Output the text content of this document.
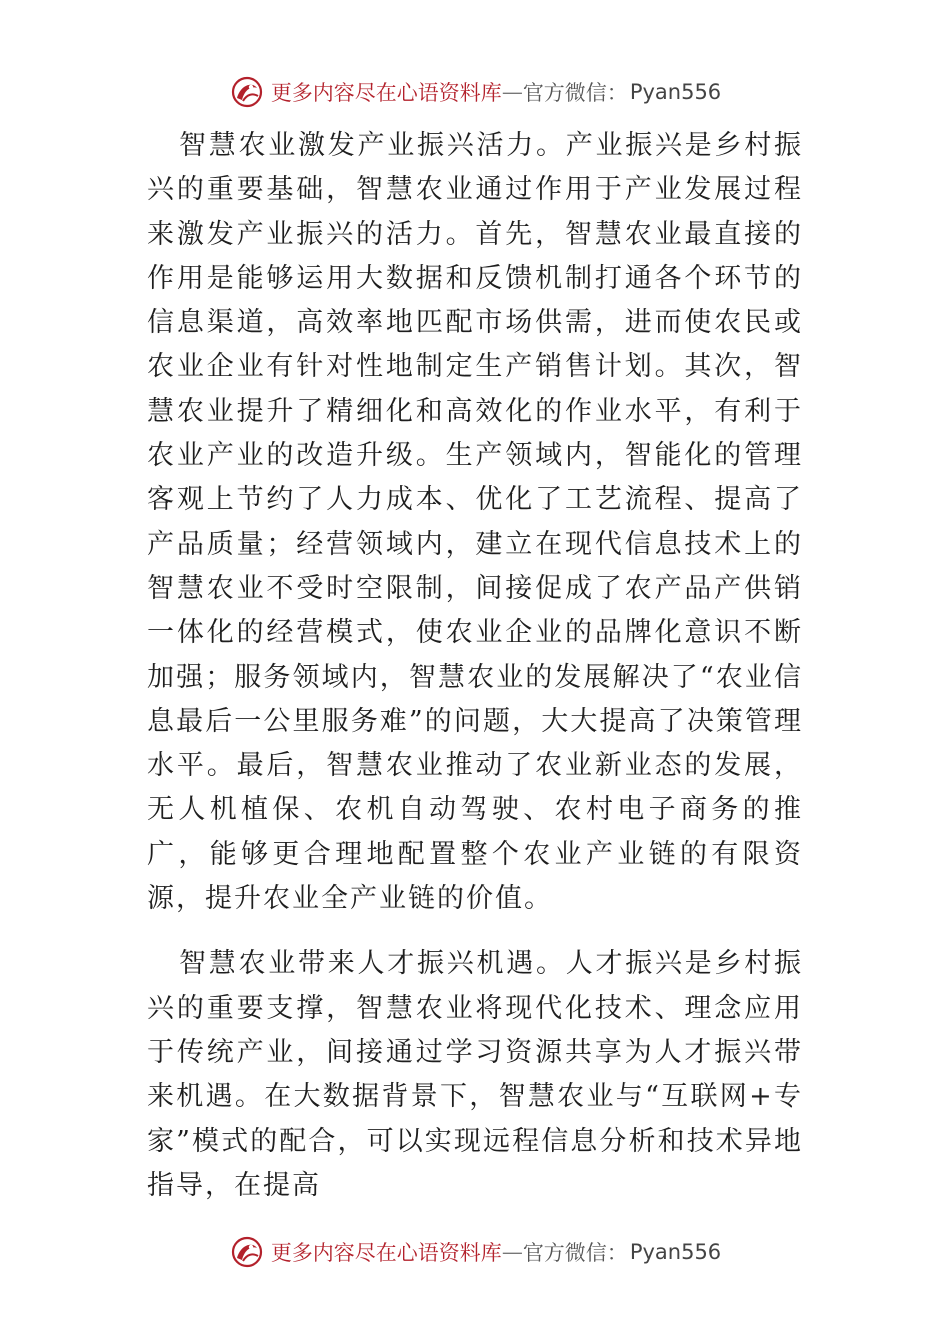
更多内容尽在心语资料库 — 官方微信： Pyan556

智慧农业激发产业振兴活力。产业振兴是乡村振兴的重要基础，智慧农业通过作用于产业发展过程来激发产业振兴的活力。首先，智慧农业最直接的作用是能够运用大数据和反馈机制打通各个环节的信息渠道，高效率地匹配市场供需，进而使农民或农业企业有针对性地制定生产销售计划。其次，智慧农业提升了精细化和高效化的作业水平，有利于农业产业的改造升级。生产领域内，智能化的管理客观上节约了人力成本、优化了工艺流程、提高了产品质量；经营领域内，建立在现代信息技术上的智慧农业不受时空限制，间接促成了农产品产供销一体化的经营模式，使农业企业的品牌化意识不断加强；服务领域内，智慧农业的发展解决了“农业信息最后一公里服务难”的问题，大大提高了决策管理水平。最后，智慧农业推动了农业新业态的发展，无人机植保、农机自动驾驶、农村电子商务的推广，能够更合理地配置整个农业产业链的有限资源，提升农业全产业链的价值。

智慧农业带来人才振兴机遇。人才振兴是乡村振兴的重要支撑，智慧农业将现代化技术、理念应用于传统产业，间接通过学习资源共享为人才振兴带来机遇。在大数据背景下，智慧农业与“互联网+专家”模式的配合，可以实现远程信息分析和技术异地指导，在提高

更多内容尽在心语资料库 — 官方微信： Pyan556
